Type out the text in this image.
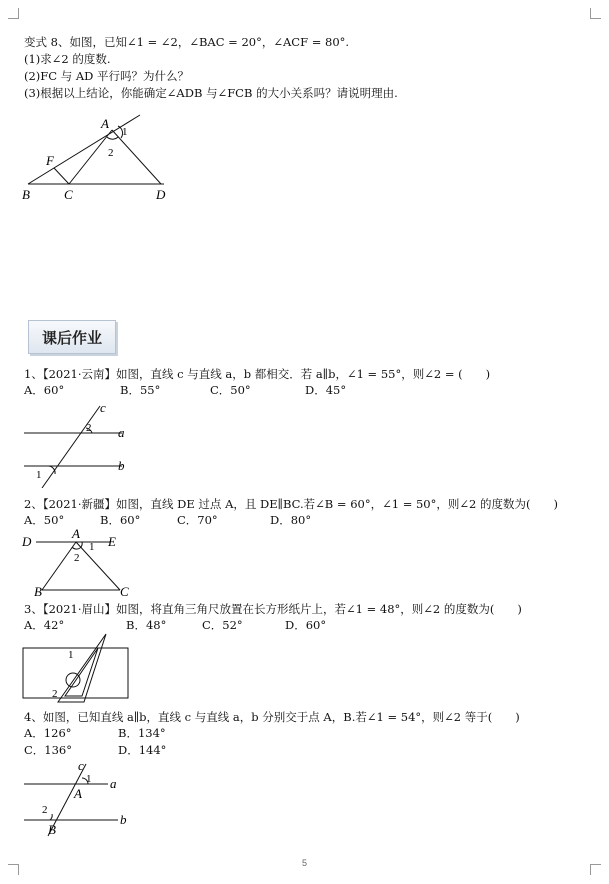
变式 8、如图，已知∠1 = ∠2，∠BAC = 20°，∠ACF = 80°.
(1)求∠2 的度数.
(2)FC 与 AD 平行吗？为什么？
(3)根据以上结论，你能确定∠ADB 与∠FCB 的大小关系吗？请说明理由.
A
1
2
F
B	C	D
课后作业
1、【2021·云南】如图，直线 c 与直线 a，b 都相交．若 a∥b，∠1 = 55°，则∠2 = (　　)
A．60°	B．55°	C．50°	D．45°
c
2 a
b
1
2、【2021·新疆】如图，直线 DE 过点 A，且 DE∥BC.若∠B = 60°，∠1 = 50°，则∠2 的度数为(　　)
A．50°	B．60°	C．70°	D．80°
D
A
1 E
2
B	C
3、【2021·眉山】如图，将直角三角尺放置在长方形纸片上，若∠1 = 48°，则∠2 的度数为(　　)
A．42°	B．48°	C．52°	D．60°
1
2
4、如图，已知直线 a∥b，直线 c 与直线 a，b 分别交于点 A，B.若∠1 = 54°，则∠2 等于(　　)
A．126°	B．134°
C．136°	D．144°
c
1 a
A
2
b
B
5
